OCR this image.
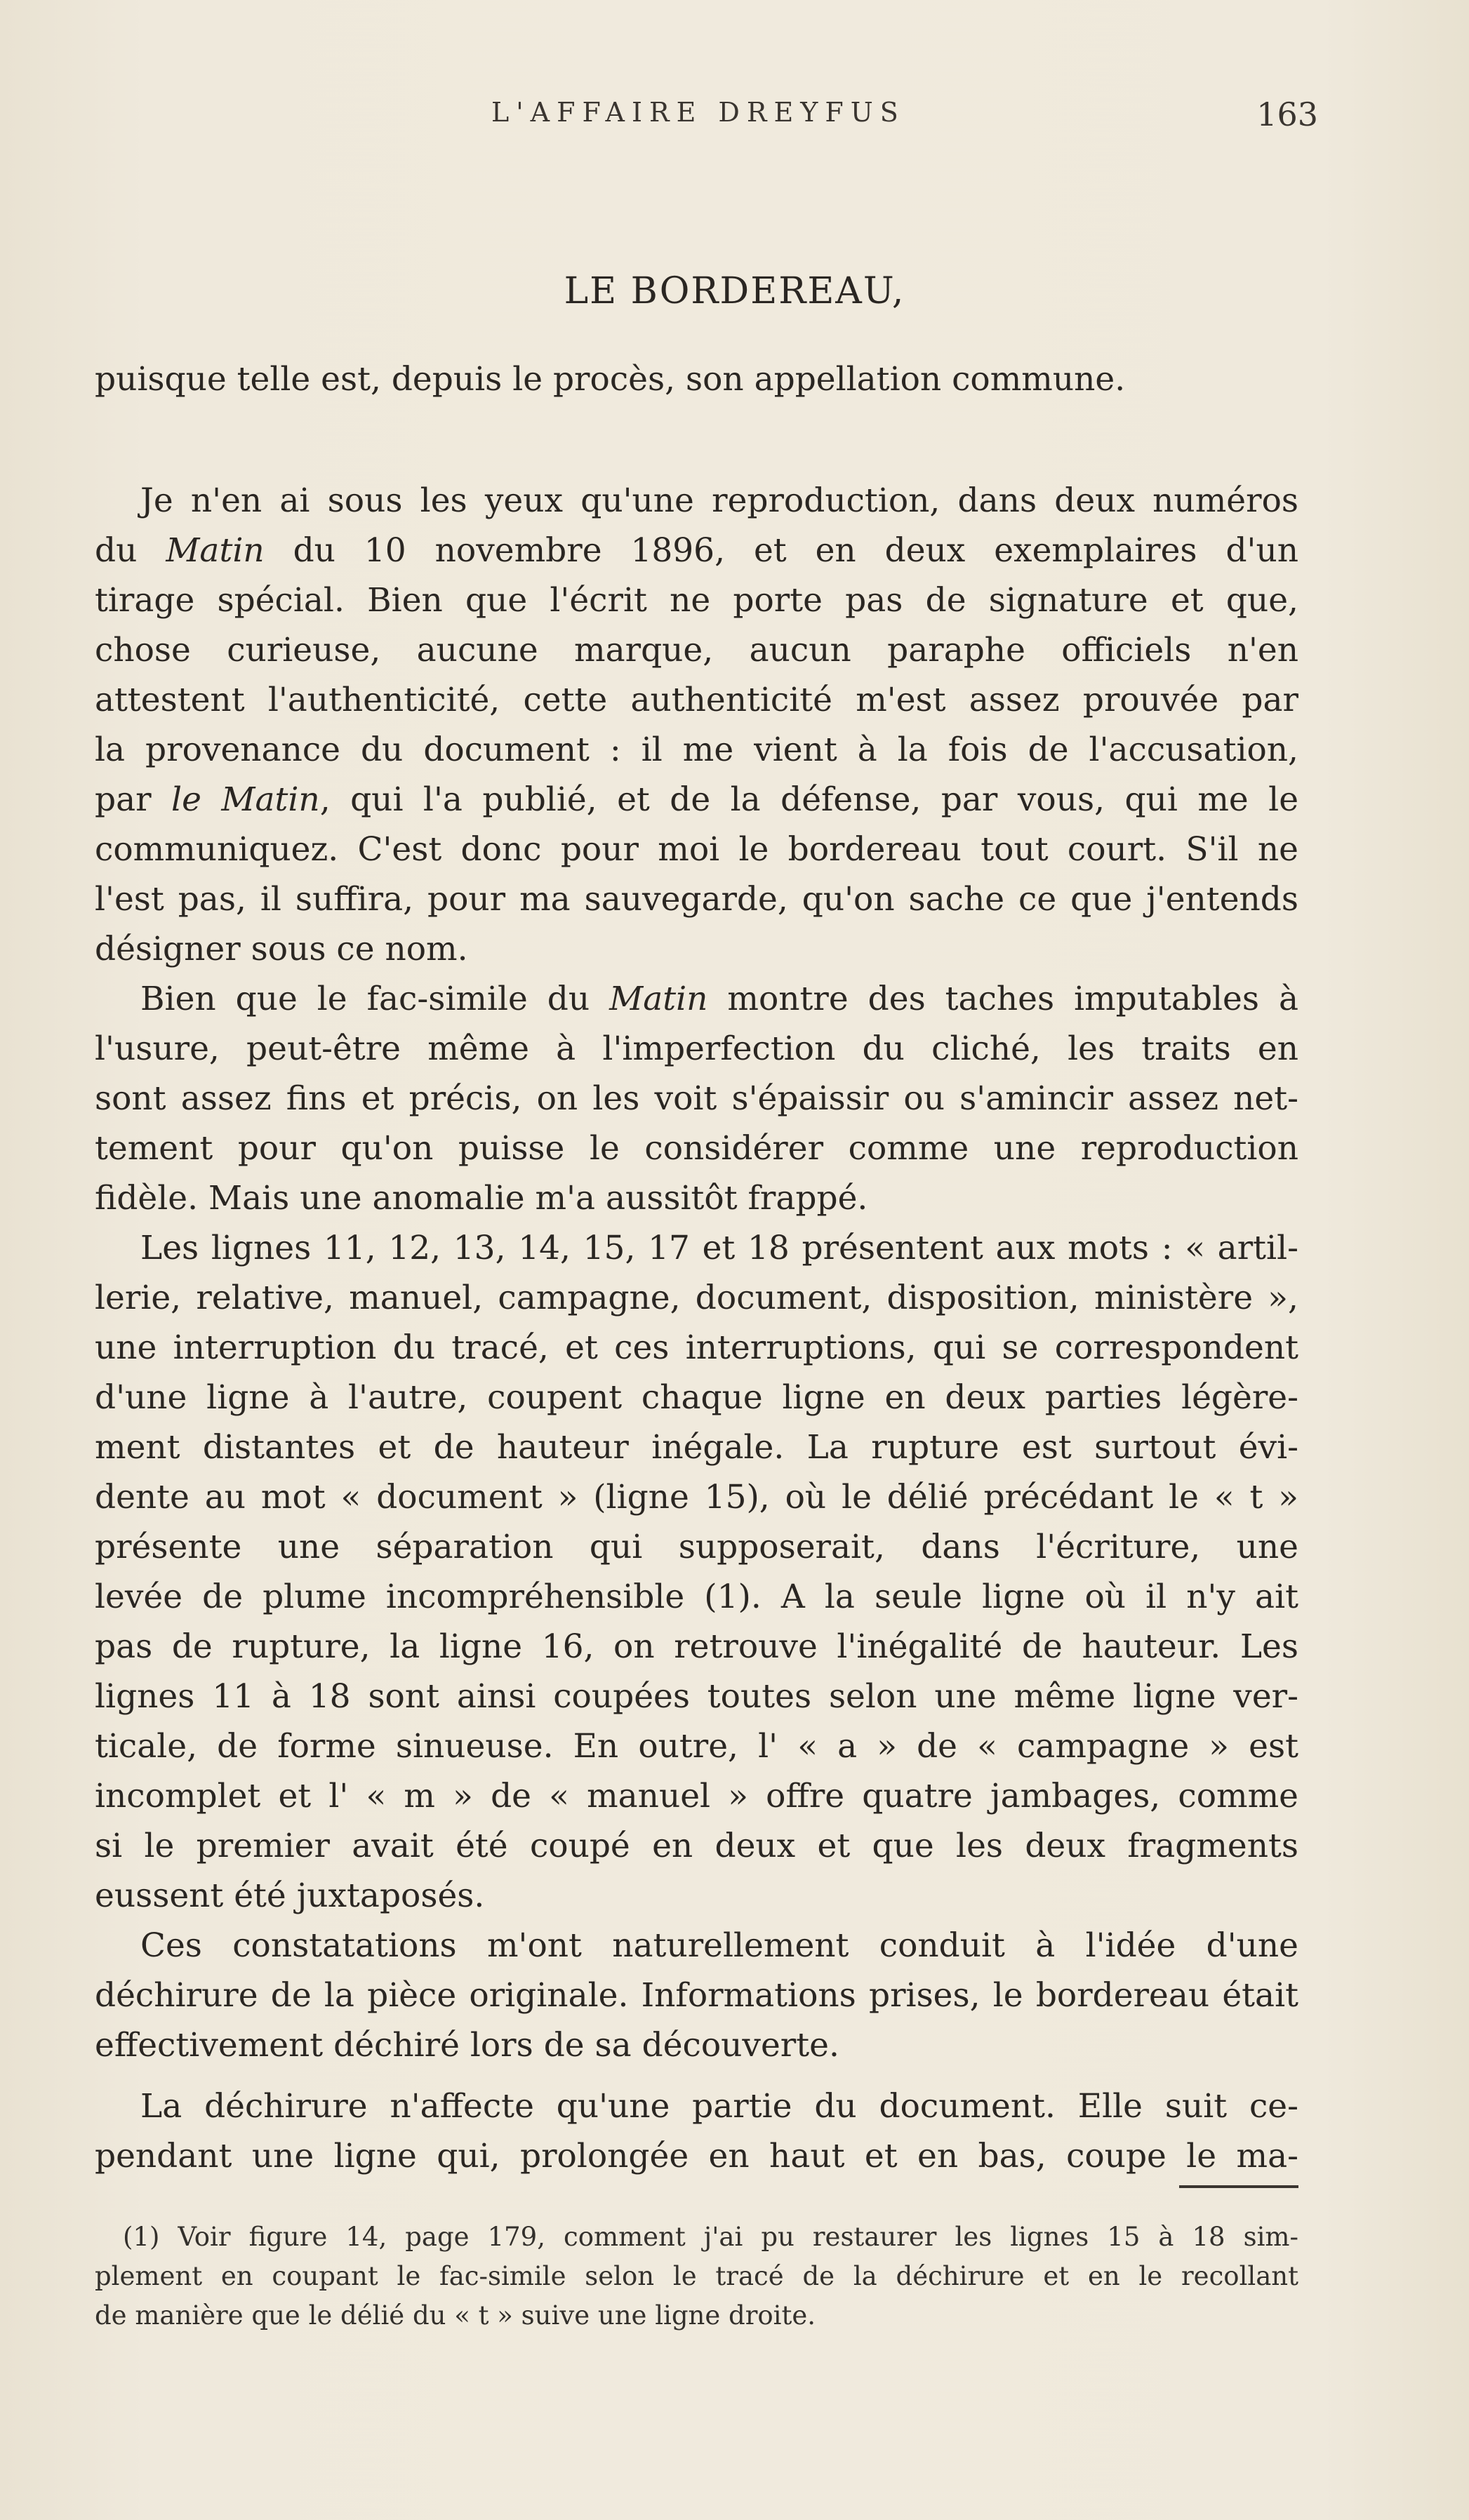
L'AFFAIRE DREYFUS	163
LE BORDEREAU,
puisque telle est, depuis le procès, son appellation commune.
Je n'en ai sous les yeux qu'une reproduction, dans deux numéros
du Matin du 10 novembre 1896, et en deux exemplaires d'un
tirage spécial. Bien que l'écrit ne porte pas de signature et que,
chose curieuse, aucune marque, aucun paraphe officiels n'en
attestent l'authenticité, cette authenticité m'est assez prouvée par
la provenance du document : il me vient à la fois de l'accusation,
par le Matin, qui l'a publié, et de la défense, par vous, qui me le
communiquez. C'est donc pour moi le bordereau tout court. S'il ne
l'est pas, il suffira, pour ma sauvegarde, qu'on sache ce que j'entends
désigner sous ce nom.
Bien que le fac-simile du Matin montre des taches imputables à
l'usure, peut-être même à l'imperfection du cliché, les traits en
sont assez fins et précis, on les voit s'épaissir ou s'amincir assez net-
tement pour qu'on puisse le considérer comme une reproduction
fidèle. Mais une anomalie m'a aussitôt frappé.
Les lignes 11, 12, 13, 14, 15, 17 et 18 présentent aux mots : « artil-
lerie, relative, manuel, campagne, document, disposition, ministère »,
une interruption du tracé, et ces interruptions, qui se correspondent
d'une ligne à l'autre, coupent chaque ligne en deux parties légère-
ment distantes et de hauteur inégale. La rupture est surtout évi-
dente au mot « document » (ligne 15), où le délié précédant le « t »
présente une séparation qui supposerait, dans l'écriture, une
levée de plume incompréhensible (1). A la seule ligne où il n'y ait
pas de rupture, la ligne 16, on retrouve l'inégalité de hauteur. Les
lignes 11 à 18 sont ainsi coupées toutes selon une même ligne ver-
ticale, de forme sinueuse. En outre, l' « a » de « campagne » est
incomplet et l' « m » de « manuel » offre quatre jambages, comme
si le premier avait été coupé en deux et que les deux fragments
eussent été juxtaposés.
Ces constatations m'ont naturellement conduit à l'idée d'une
déchirure de la pièce originale. Informations prises, le bordereau était
effectivement déchiré lors de sa découverte.
La déchirure n'affecte qu'une partie du document. Elle suit ce-
pendant une ligne qui, prolongée en haut et en bas, coupe le ma-
(1) Voir figure 14, page 179, comment j'ai pu restaurer les lignes 15 à 18 sim-
plement en coupant le fac-simile selon le tracé de la déchirure et en le recollant
de manière que le délié du « t » suive une ligne droite.
